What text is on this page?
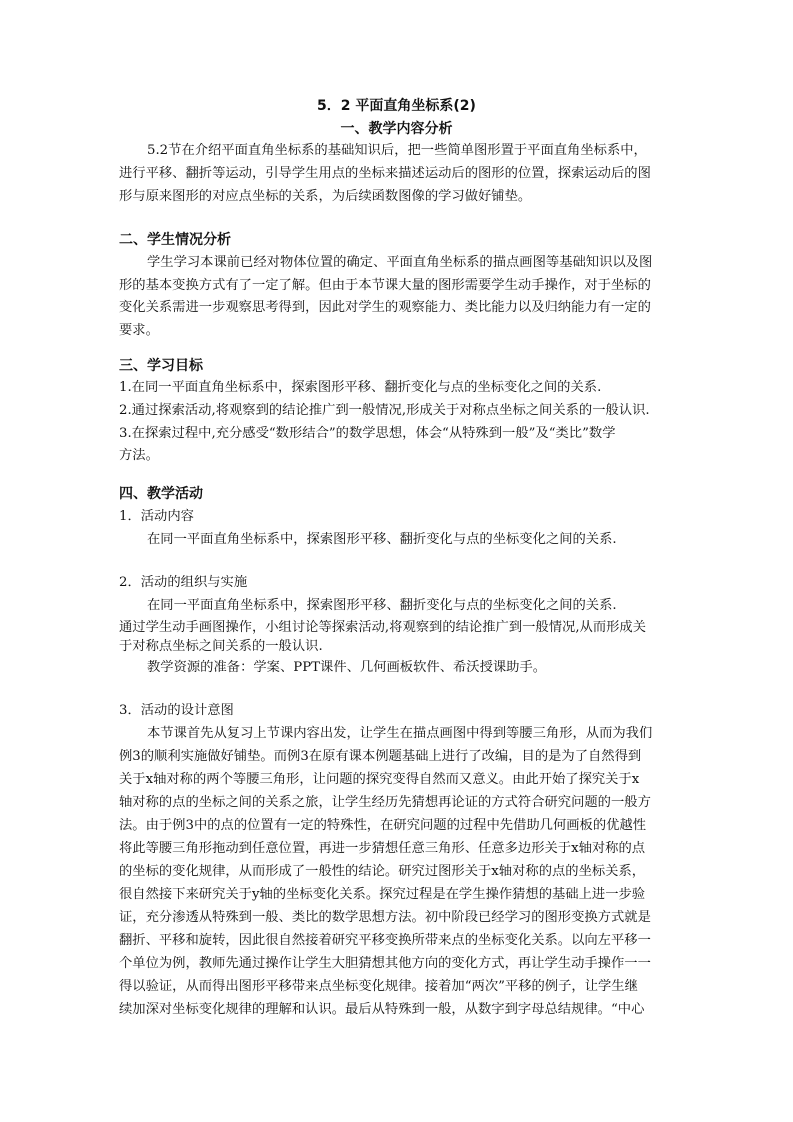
5．2 平面直角坐标系(2)
一、教学内容分析
5.2节在介绍平面直角坐标系的基础知识后，把一些简单图形置于平面直角坐标系中，
进行平移、翻折等运动，引导学生用点的坐标来描述运动后的图形的位置，探索运动后的图
形与原来图形的对应点坐标的关系，为后续函数图像的学习做好铺垫。
二、学生情况分析
学生学习本课前已经对物体位置的确定、平面直角坐标系的描点画图等基础知识以及图
形的基本变换方式有了一定了解。但由于本节课大量的图形需要学生动手操作，对于坐标的
变化关系需进一步观察思考得到，因此对学生的观察能力、类比能力以及归纳能力有一定的
要求。
三、学习目标
1.在同一平面直角坐标系中，探索图形平移、翻折变化与点的坐标变化之间的关系.
2.通过探索活动,将观察到的结论推广到一般情况,形成关于对称点坐标之间关系的一般认识.
3.在探索过程中,充分感受“数形结合”的数学思想，体会“从特殊到一般”及“类比”数学
方法。
四、教学活动
1．活动内容
在同一平面直角坐标系中，探索图形平移、翻折变化与点的坐标变化之间的关系.
2．活动的组织与实施
在同一平面直角坐标系中，探索图形平移、翻折变化与点的坐标变化之间的关系.
通过学生动手画图操作，小组讨论等探索活动,将观察到的结论推广到一般情况,从而形成关
于对称点坐标之间关系的一般认识.
教学资源的准备：学案、PPT课件、几何画板软件、希沃授课助手。
3．活动的设计意图
本节课首先从复习上节课内容出发，让学生在描点画图中得到等腰三角形，从而为我们
例3的顺利实施做好铺垫。而例3在原有课本例题基础上进行了改编，目的是为了自然得到
关于x轴对称的两个等腰三角形，让问题的探究变得自然而又意义。由此开始了探究关于x
轴对称的点的坐标之间的关系之旅，让学生经历先猜想再论证的方式符合研究问题的一般方
法。由于例3中的点的位置有一定的特殊性，在研究问题的过程中先借助几何画板的优越性
将此等腰三角形拖动到任意位置，再进一步猜想任意三角形、任意多边形关于x轴对称的点
的坐标的变化规律，从而形成了一般性的结论。研究过图形关于x轴对称的点的坐标关系，
很自然接下来研究关于y轴的坐标变化关系。探究过程是在学生操作猜想的基础上进一步验
证，充分渗透从特殊到一般、类比的数学思想方法。初中阶段已经学习的图形变换方式就是
翻折、平移和旋转，因此很自然接着研究平移变换所带来点的坐标变化关系。以向左平移一
个单位为例，教师先通过操作让学生大胆猜想其他方向的变化方式，再让学生动手操作一一
得以验证，从而得出图形平移带来点坐标变化规律。接着加“两次”平移的例子，让学生继
续加深对坐标变化规律的理解和认识。最后从特殊到一般，从数字到字母总结规律。“中心
